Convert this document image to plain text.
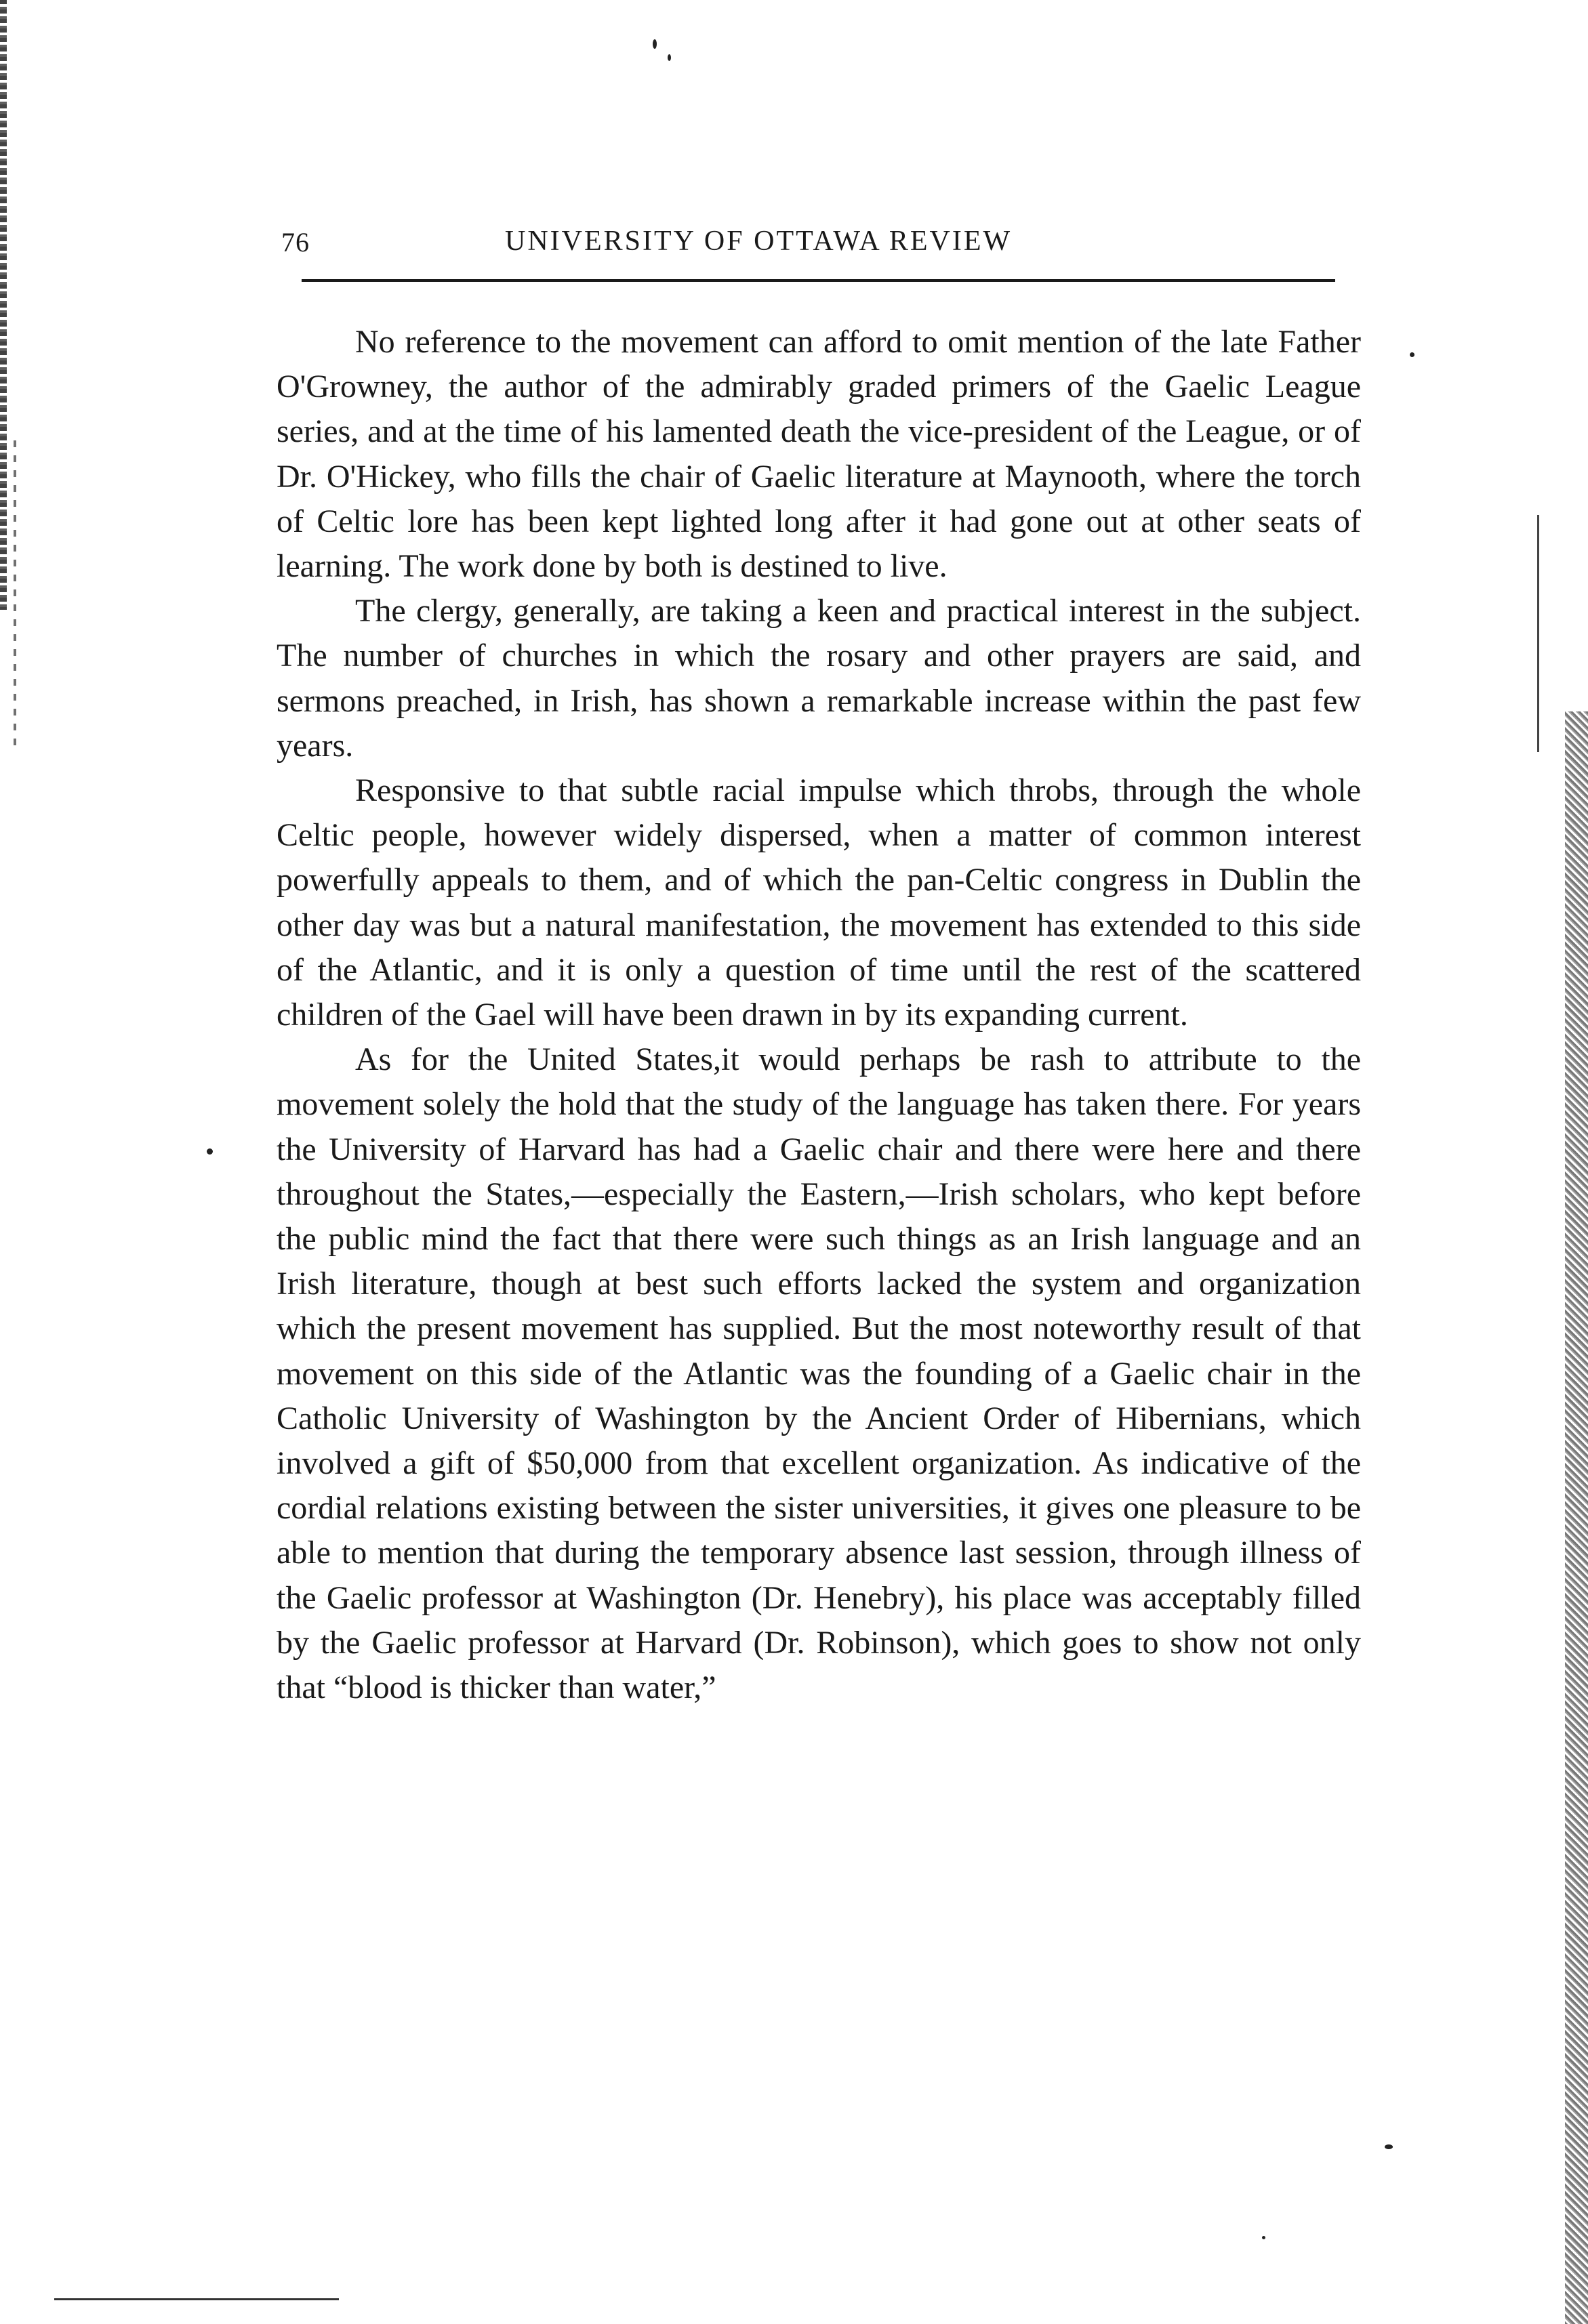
76	UNIVERSITY OF OTTAWA REVIEW

No reference to the movement can afford to omit mention of the late Father O'Growney, the author of the admirably graded primers of the Gaelic League series, and at the time of his lamented death the vice-president of the League, or of Dr. O'Hickey, who fills the chair of Gaelic literature at Maynooth, where the torch of Celtic lore has been kept lighted long after it had gone out at other seats of learning. The work done by both is destined to live.

The clergy, generally, are taking a keen and practical interest in the subject. The number of churches in which the rosary and other prayers are said, and sermons preached, in Irish, has shown a remarkable increase within the past few years.

Responsive to that subtle racial impulse which throbs, through the whole Celtic people, however widely dispersed, when a matter of common interest powerfully appeals to them, and of which the pan-Celtic congress in Dublin the other day was but a natural manifestation, the movement has extended to this side of the Atlantic, and it is only a question of time until the rest of the scattered children of the Gael will have been drawn in by its expanding current.

As for the United States,it would perhaps be rash to attribute to the movement solely the hold that the study of the language has taken there. For years the University of Harvard has had a Gaelic chair and there were here and there throughout the States,—especially the Eastern,—Irish scholars, who kept before the public mind the fact that there were such things as an Irish language and an Irish literature, though at best such efforts lacked the system and organization which the present movement has supplied. But the most noteworthy result of that movement on this side of the Atlantic was the founding of a Gaelic chair in the Catholic University of Washington by the Ancient Order of Hibernians, which involved a gift of $50,000 from that excellent organization. As indicative of the cordial relations existing between the sister universities, it gives one pleasure to be able to mention that during the temporary absence last session, through illness of the Gaelic professor at Washington (Dr. Henebry), his place was acceptably filled by the Gaelic professor at Harvard (Dr. Robinson), which goes to show not only that “blood is thicker than water,”
